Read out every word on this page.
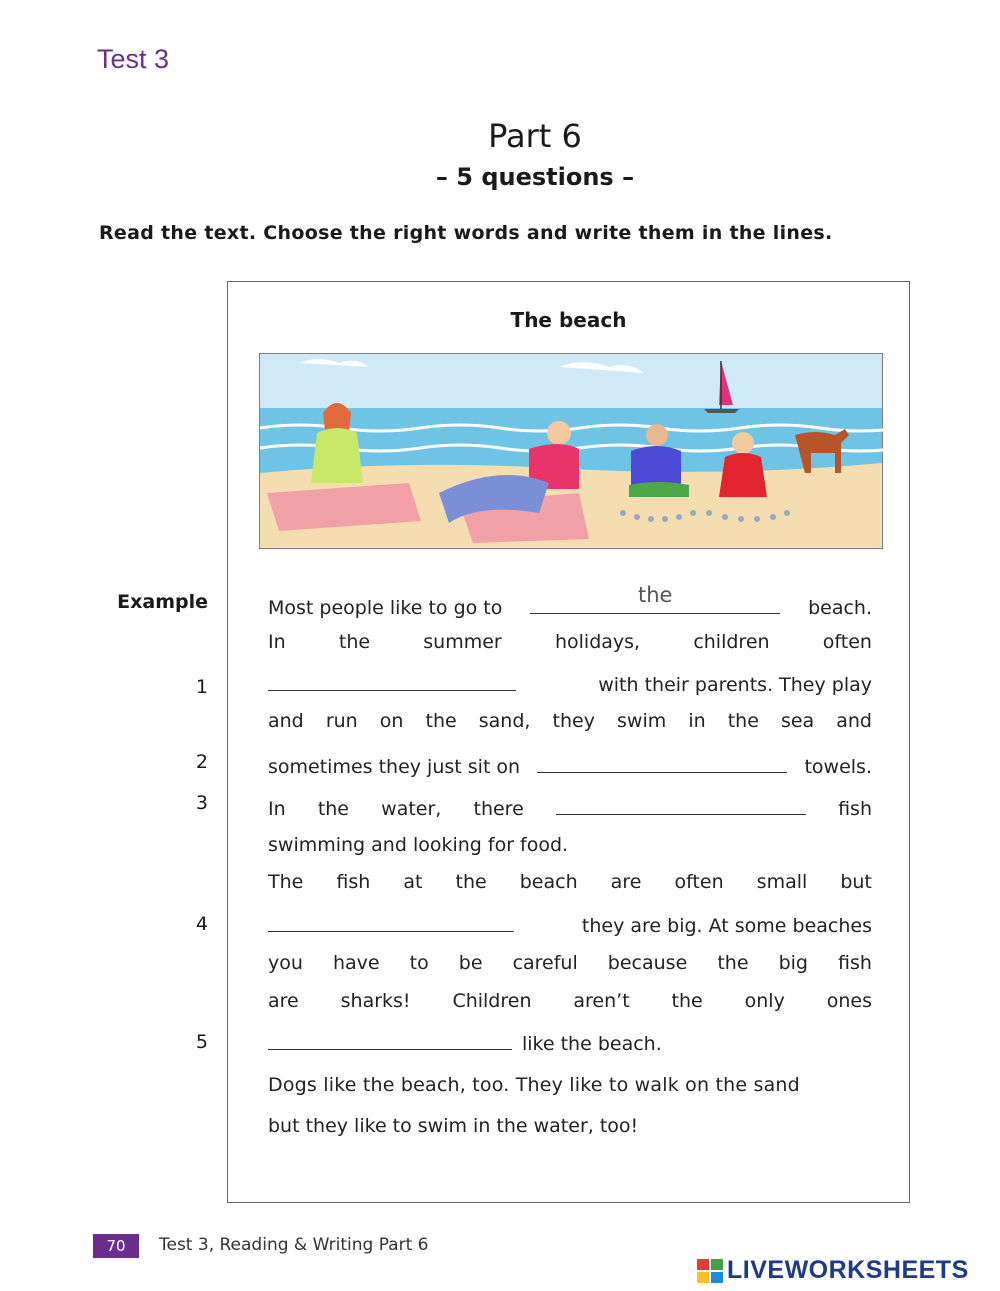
Test 3
Part 6
– 5 questions –
Read the text. Choose the right words and write them in the lines.
The beach
Example
1
2
3
4
5
Most people like to go to
the
beach.
In	the	summer	holidays,	children	often
with their parents. They play
and run on the sand, they swim in the sea and
sometimes they just sit on	towels.
In the water, there	fish
swimming and looking for food.
The fish at the beach are often small but
they are big. At some beaches
you have to be careful because the big fish
are sharks! Children aren’t the only ones
like the beach.
Dogs like the beach, too. They like to walk on the sand
but they like to swim in the water, too!
70	Test 3, Reading & Writing Part 6
LIVEWORKSHEETS
